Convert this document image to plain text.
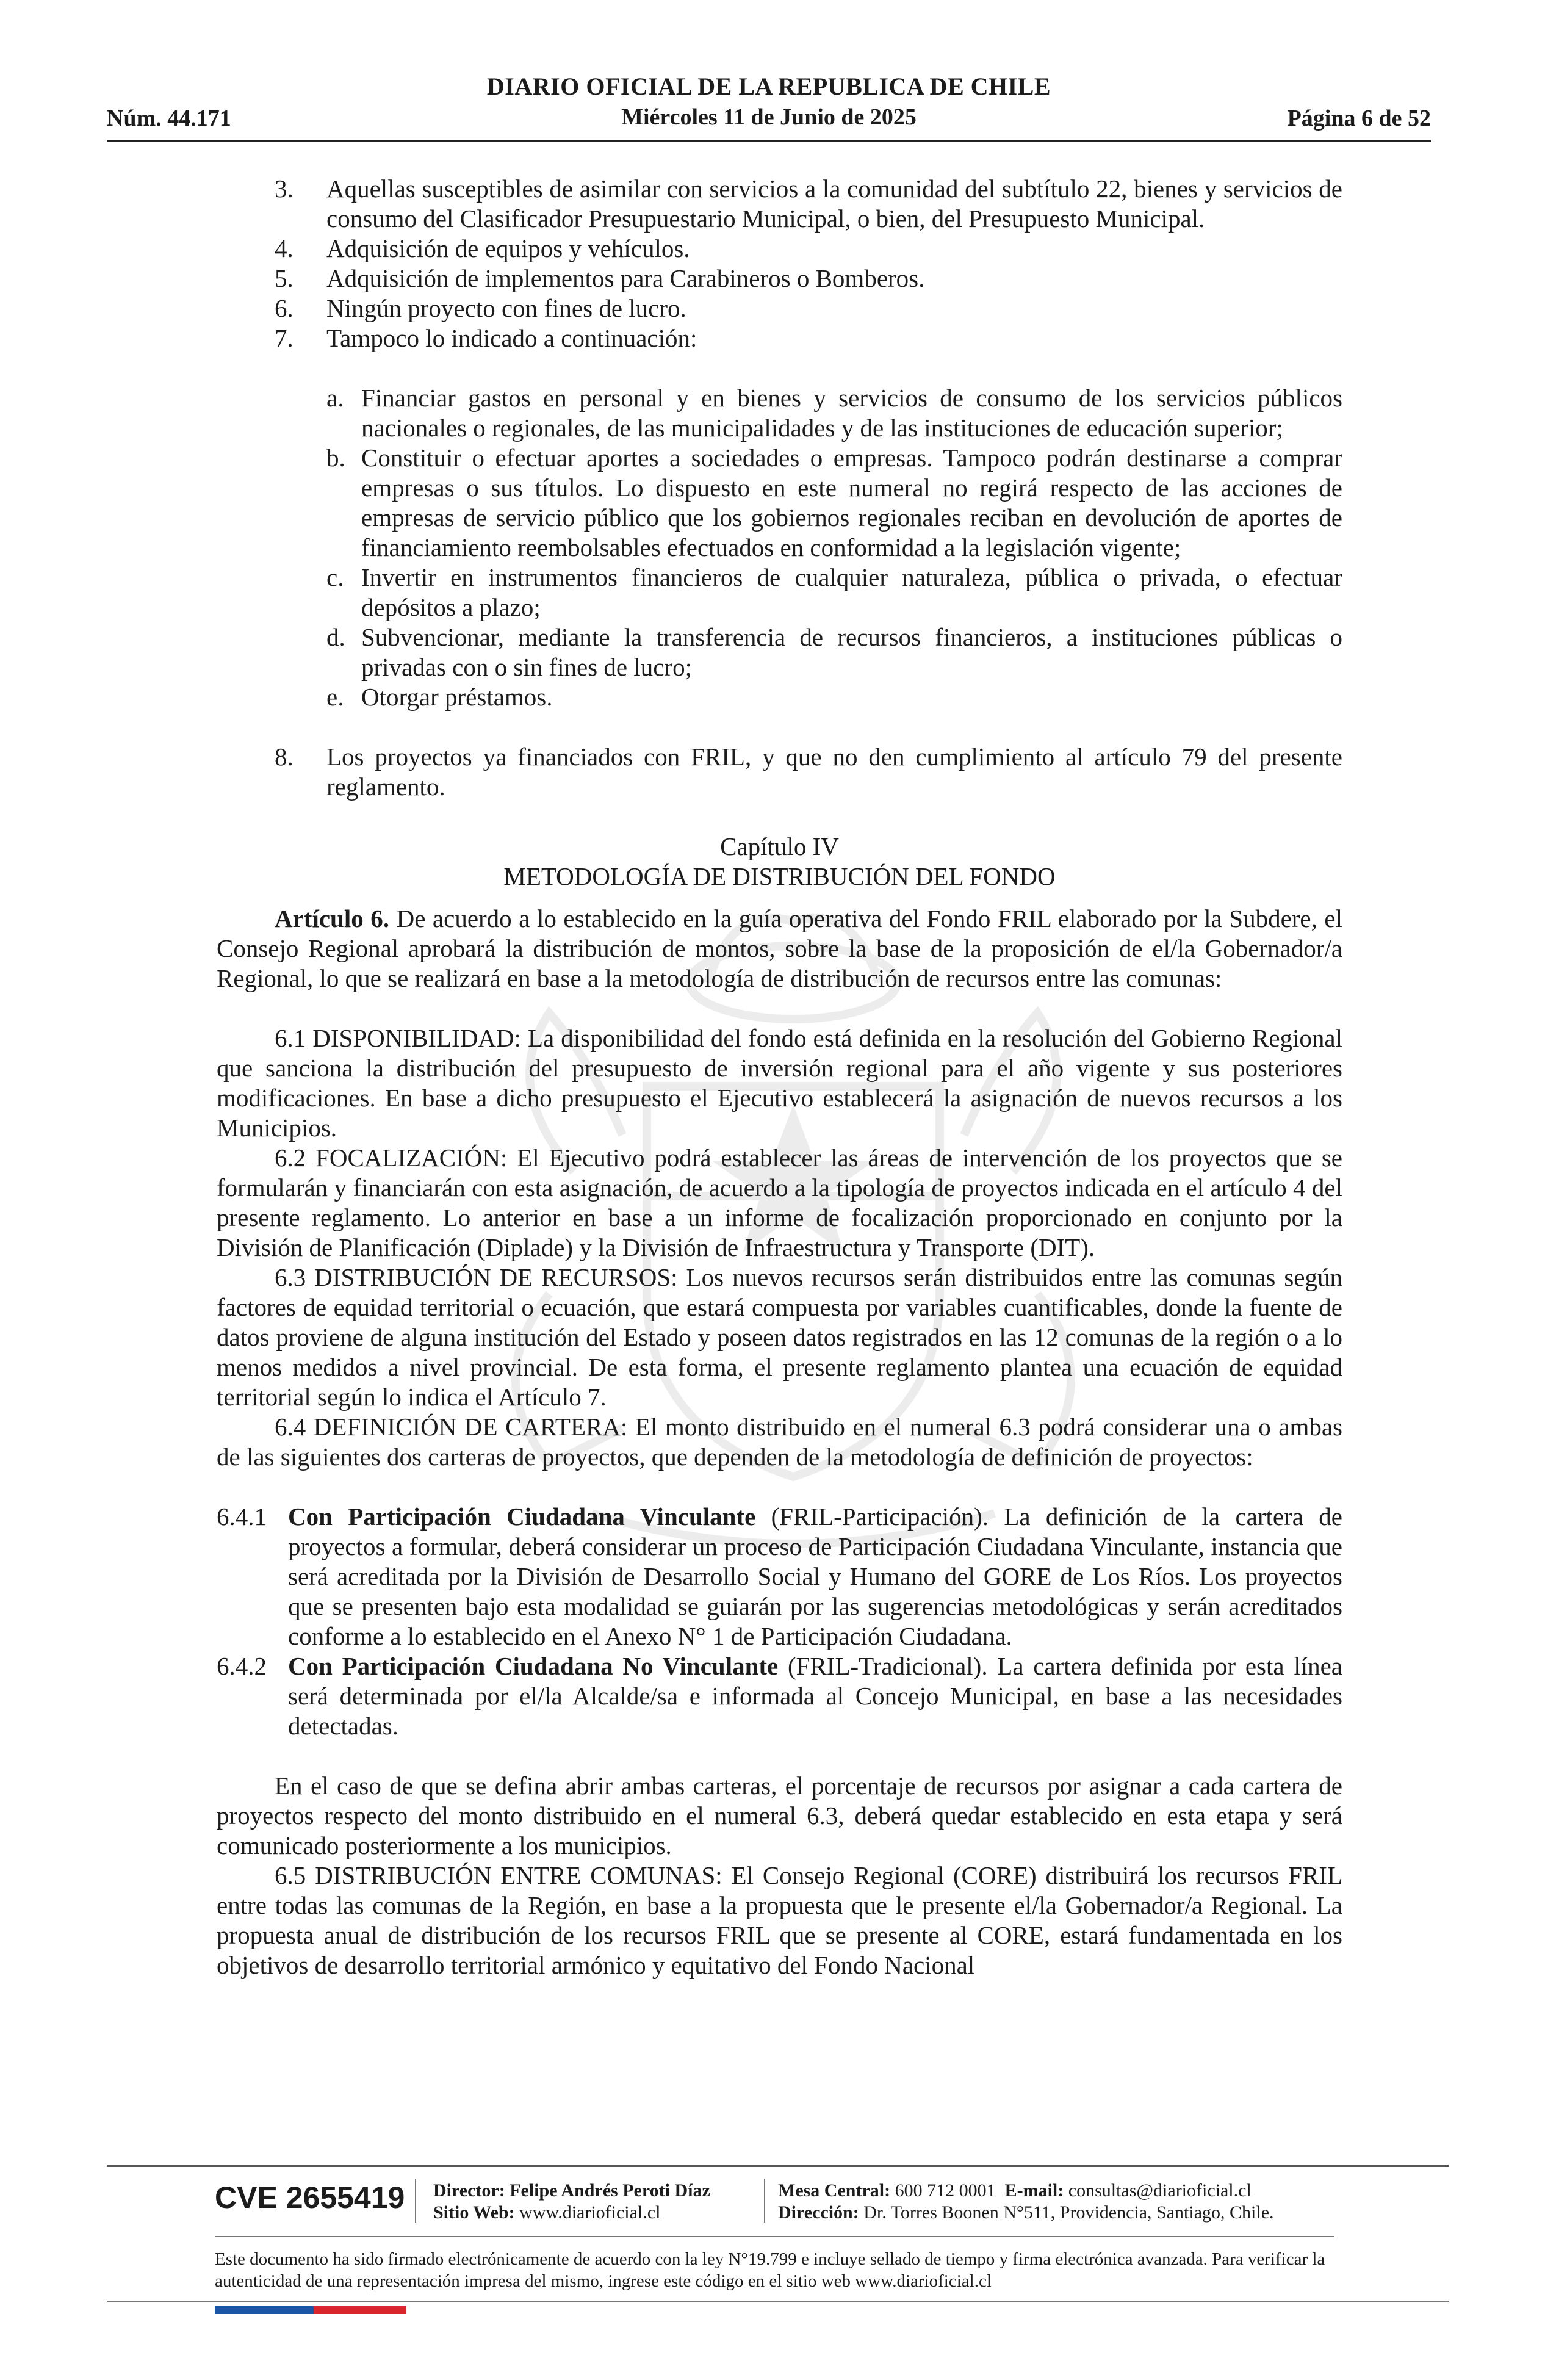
DIARIO OFICIAL DE LA REPUBLICA DE CHILE
Núm. 44.171	Miércoles 11 de Junio de 2025	Página 6 de 52
3. Aquellas susceptibles de asimilar con servicios a la comunidad del subtítulo 22, bienes y servicios de consumo del Clasificador Presupuestario Municipal, o bien, del Presupuesto Municipal.
4. Adquisición de equipos y vehículos.
5. Adquisición de implementos para Carabineros o Bomberos.
6. Ningún proyecto con fines de lucro.
7. Tampoco lo indicado a continuación:
a. Financiar gastos en personal y en bienes y servicios de consumo de los servicios públicos nacionales o regionales, de las municipalidades y de las instituciones de educación superior;
b. Constituir o efectuar aportes a sociedades o empresas. Tampoco podrán destinarse a comprar empresas o sus títulos. Lo dispuesto en este numeral no regirá respecto de las acciones de empresas de servicio público que los gobiernos regionales reciban en devolución de aportes de financiamiento reembolsables efectuados en conformidad a la legislación vigente;
c. Invertir en instrumentos financieros de cualquier naturaleza, pública o privada, o efectuar depósitos a plazo;
d. Subvencionar, mediante la transferencia de recursos financieros, a instituciones públicas o privadas con o sin fines de lucro;
e. Otorgar préstamos.
8. Los proyectos ya financiados con FRIL, y que no den cumplimiento al artículo 79 del presente reglamento.
Capítulo IV
METODOLOGÍA DE DISTRIBUCIÓN DEL FONDO

Artículo 6. De acuerdo a lo establecido en la guía operativa del Fondo FRIL elaborado por la Subdere, el Consejo Regional aprobará la distribución de montos, sobre la base de la proposición de el/la Gobernador/a Regional, lo que se realizará en base a la metodología de distribución de recursos entre las comunas:

6.1 DISPONIBILIDAD: La disponibilidad del fondo está definida en la resolución del Gobierno Regional que sanciona la distribución del presupuesto de inversión regional para el año vigente y sus posteriores modificaciones. En base a dicho presupuesto el Ejecutivo establecerá la asignación de nuevos recursos a los Municipios.

6.2 FOCALIZACIÓN: El Ejecutivo podrá establecer las áreas de intervención de los proyectos que se formularán y financiarán con esta asignación, de acuerdo a la tipología de proyectos indicada en el artículo 4 del presente reglamento. Lo anterior en base a un informe de focalización proporcionado en conjunto por la División de Planificación (Diplade) y la División de Infraestructura y Transporte (DIT).

6.3 DISTRIBUCIÓN DE RECURSOS: Los nuevos recursos serán distribuidos entre las comunas según factores de equidad territorial o ecuación, que estará compuesta por variables cuantificables, donde la fuente de datos proviene de alguna institución del Estado y poseen datos registrados en las 12 comunas de la región o a lo menos medidos a nivel provincial. De esta forma, el presente reglamento plantea una ecuación de equidad territorial según lo indica el Artículo 7.

6.4 DEFINICIÓN DE CARTERA: El monto distribuido en el numeral 6.3 podrá considerar una o ambas de las siguientes dos carteras de proyectos, que dependen de la metodología de definición de proyectos:

6.4.1 Con Participación Ciudadana Vinculante (FRIL-Participación). La definición de la cartera de proyectos a formular, deberá considerar un proceso de Participación Ciudadana Vinculante, instancia que será acreditada por la División de Desarrollo Social y Humano del GORE de Los Ríos. Los proyectos que se presenten bajo esta modalidad se guiarán por las sugerencias metodológicas y serán acreditados conforme a lo establecido en el Anexo N° 1 de Participación Ciudadana.
6.4.2 Con Participación Ciudadana No Vinculante (FRIL-Tradicional). La cartera definida por esta línea será determinada por el/la Alcalde/sa e informada al Concejo Municipal, en base a las necesidades detectadas.

En el caso de que se defina abrir ambas carteras, el porcentaje de recursos por asignar a cada cartera de proyectos respecto del monto distribuido en el numeral 6.3, deberá quedar establecido en esta etapa y será comunicado posteriormente a los municipios.

6.5 DISTRIBUCIÓN ENTRE COMUNAS: El Consejo Regional (CORE) distribuirá los recursos FRIL entre todas las comunas de la Región, en base a la propuesta que le presente el/la Gobernador/a Regional. La propuesta anual de distribución de los recursos FRIL que se presente al CORE, estará fundamentada en los objetivos de desarrollo territorial armónico y equitativo del Fondo Nacional

CVE 2655419 Director: Felipe Andrés Peroti Díaz
Sitio Web: www.diarioficial.cl
Mesa Central: 600 712 0001 E-mail: consultas@diarioficial.cl
Dirección: Dr. Torres Boonen N°511, Providencia, Santiago, Chile.
Este documento ha sido firmado electrónicamente de acuerdo con la ley N°19.799 e incluye sellado de tiempo y firma electrónica avanzada. Para verificar la autenticidad de una representación impresa del mismo, ingrese este código en el sitio web www.diarioficial.cl
